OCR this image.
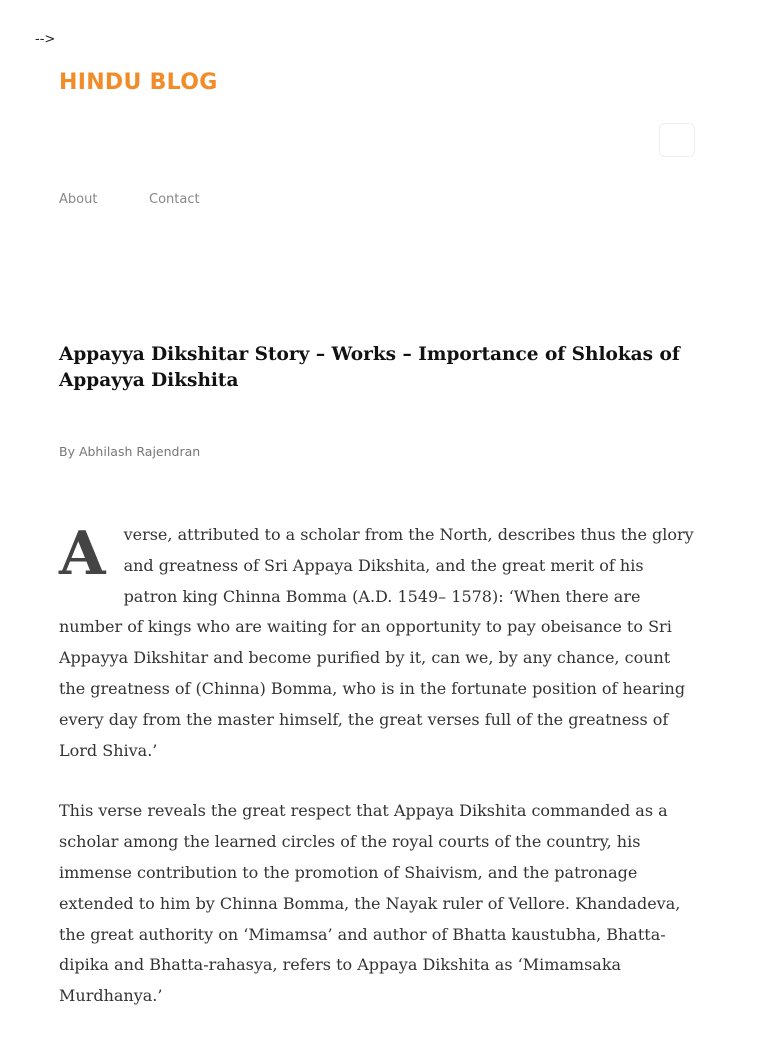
-->
HINDU BLOG
About	Contact
Appayya Dikshitar Story – Works – Importance of Shlokas of Appayya Dikshita
By Abhilash Rajendran

A verse, attributed to a scholar from the North, describes thus the glory and greatness of Sri Appaya Dikshita, and the great merit of his patron king Chinna Bomma (A.D. 1549– 1578): ‘When there are number of kings who are waiting for an opportunity to pay obeisance to Sri Appayya Dikshitar and become purified by it, can we, by any chance, count the greatness of (Chinna) Bomma, who is in the fortunate position of hearing every day from the master himself, the great verses full of the greatness of Lord Shiva.’

This verse reveals the great respect that Appaya Dikshita commanded as a scholar among the learned circles of the royal courts of the country, his immense contribution to the promotion of Shaivism, and the patronage extended to him by Chinna Bomma, the Nayak ruler of Vellore. Khandadeva, the great authority on ‘Mimamsa’ and author of Bhatta kaustubha, Bhatta-dipika and Bhatta-rahasya, refers to Appaya Dikshita as ‘Mimamsaka Murdhanya.’
